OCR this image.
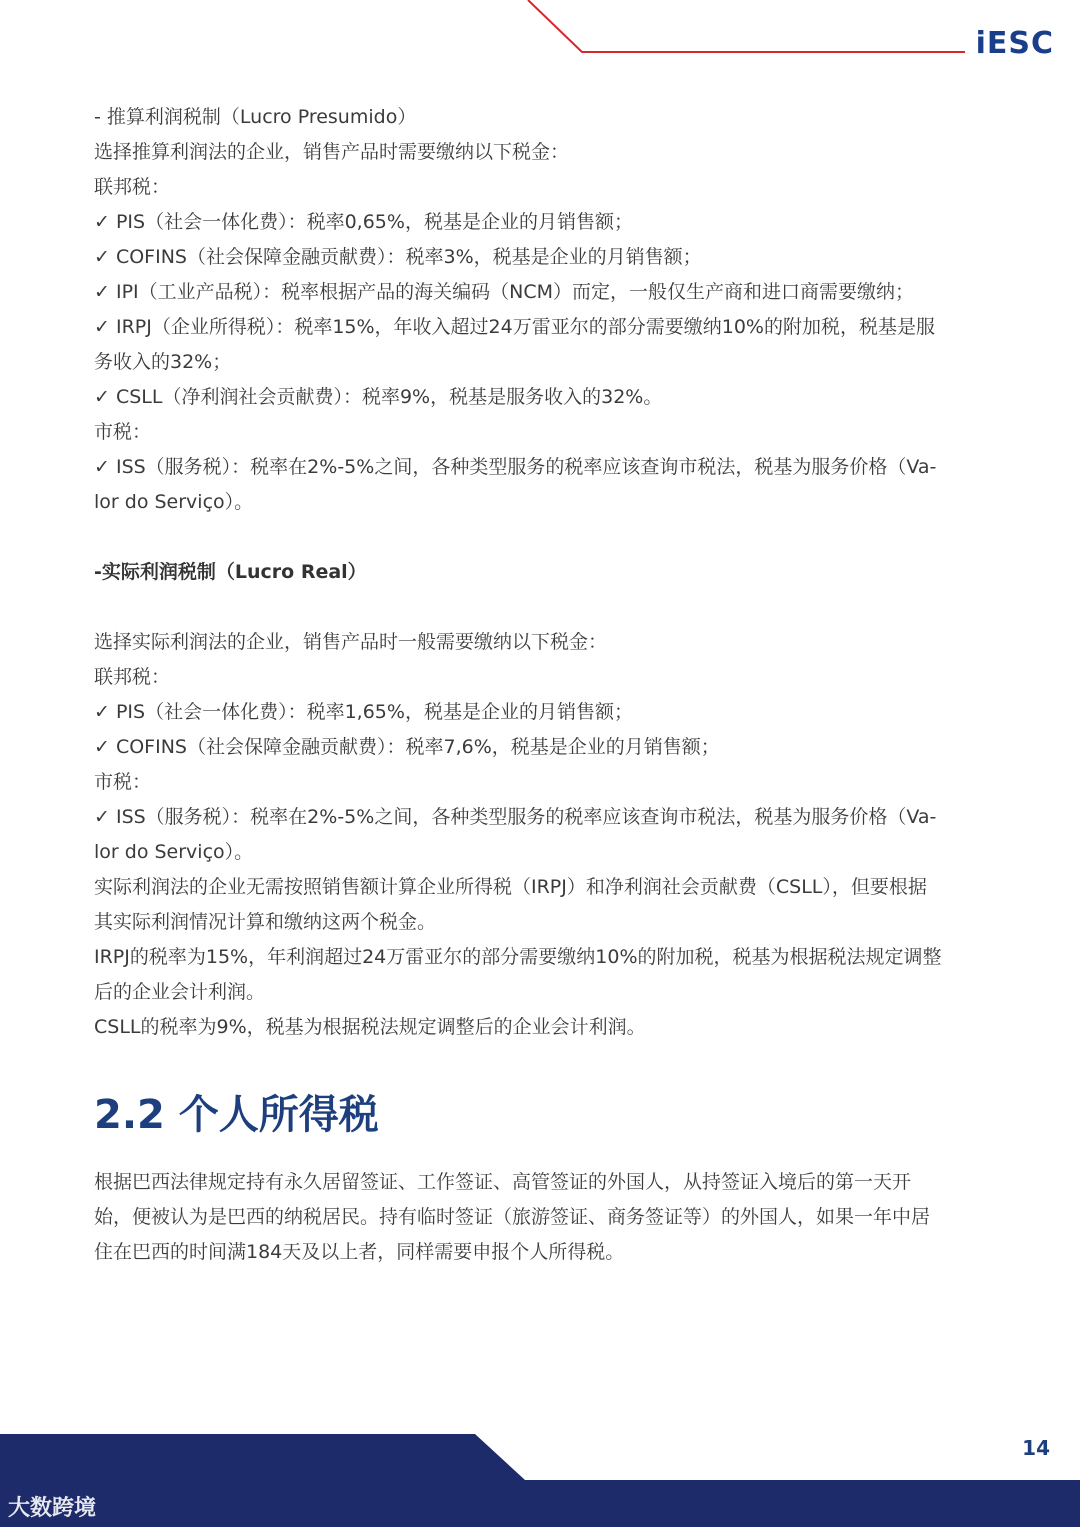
iESC

- 推算利润税制（Lucro Presumido）

选择推算利润法的企业，销售产品时需要缴纳以下税金：

联邦税：

✓ PIS（社会一体化费）：税率0,65%，税基是企业的月销售额；

✓ COFINS（社会保障金融贡献费）：税率3%，税基是企业的月销售额；

✓ IPI（工业产品税）：税率根据产品的海关编码（NCM）而定，一般仅生产商和进口商需要缴纳；

✓ IRPJ（企业所得税）：税率15%，年收入超过24万雷亚尔的部分需要缴纳10%的附加税，税基是服

务收入的32%；

✓ CSLL（净利润社会贡献费）：税率9%，税基是服务收入的32%。

市税：

✓ ISS（服务税）：税率在2%-5%之间，各种类型服务的税率应该查询市税法，税基为服务价格（Va-

lor do Serviço）。

-实际利润税制（Lucro Real）

选择实际利润法的企业，销售产品时一般需要缴纳以下税金：

联邦税：

✓ PIS（社会一体化费）：税率1,65%，税基是企业的月销售额；

✓ COFINS（社会保障金融贡献费）：税率7,6%，税基是企业的月销售额；

市税：

✓ ISS（服务税）：税率在2%-5%之间，各种类型服务的税率应该查询市税法，税基为服务价格（Va-

lor do Serviço）。

实际利润法的企业无需按照销售额计算企业所得税（IRPJ）和净利润社会贡献费（CSLL），但要根据

其实际利润情况计算和缴纳这两个税金。

IRPJ的税率为15%，年利润超过24万雷亚尔的部分需要缴纳10%的附加税，税基为根据税法规定调整

后的企业会计利润。

CSLL的税率为9%，税基为根据税法规定调整后的企业会计利润。

2.2 个人所得税

根据巴西法律规定持有永久居留签证、工作签证、高管签证的外国人，从持签证入境后的第一天开

始，便被认为是巴西的纳税居民。持有临时签证（旅游签证、商务签证等）的外国人，如果一年中居

住在巴西的时间满184天及以上者，同样需要申报个人所得税。

14
大数跨境
